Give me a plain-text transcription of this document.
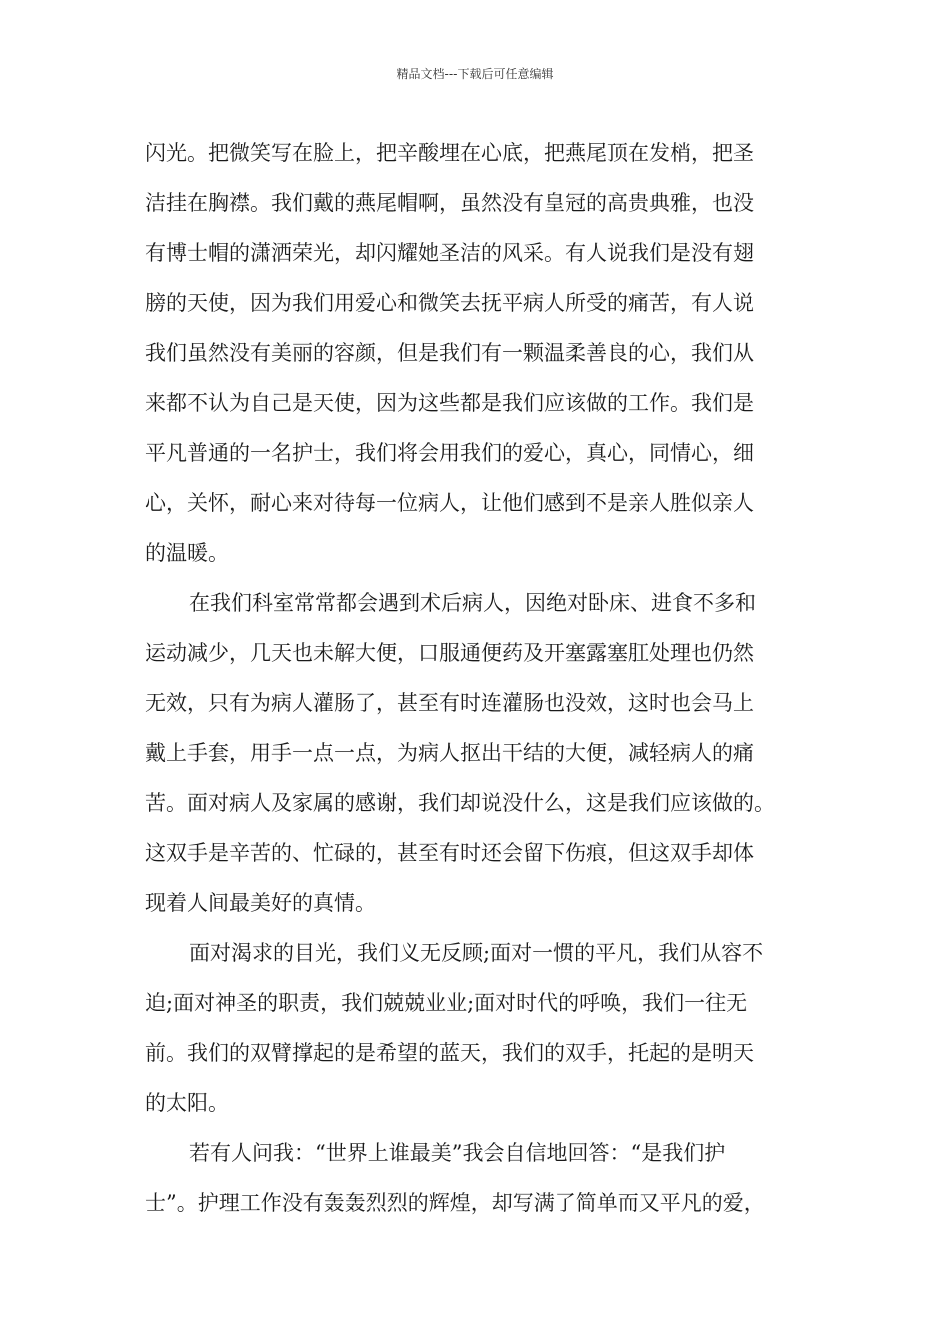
精品文档---下载后可任意编辑
闪光。把微笑写在脸上，把辛酸埋在心底，把燕尾顶在发梢，把圣
洁挂在胸襟。我们戴的燕尾帽啊，虽然没有皇冠的高贵典雅，也没
有博士帽的潇洒荣光，却闪耀她圣洁的风采。有人说我们是没有翅
膀的天使，因为我们用爱心和微笑去抚平病人所受的痛苦，有人说
我们虽然没有美丽的容颜，但是我们有一颗温柔善良的心，我们从
来都不认为自己是天使，因为这些都是我们应该做的工作。我们是
平凡普通的一名护士，我们将会用我们的爱心，真心，同情心，细
心，关怀，耐心来对待每一位病人，让他们感到不是亲人胜似亲人
的温暖。
在我们科室常常都会遇到术后病人，因绝对卧床、进食不多和
运动减少，几天也未解大便，口服通便药及开塞露塞肛处理也仍然
无效，只有为病人灌肠了，甚至有时连灌肠也没效，这时也会马上
戴上手套，用手一点一点，为病人抠出干结的大便，减轻病人的痛
苦。面对病人及家属的感谢，我们却说没什么，这是我们应该做的。
这双手是辛苦的、忙碌的，甚至有时还会留下伤痕，但这双手却体
现着人间最美好的真情。
面对渴求的目光，我们义无反顾;面对一惯的平凡，我们从容不
迫;面对神圣的职责，我们兢兢业业;面对时代的呼唤，我们一往无
前。我们的双臂撑起的是希望的蓝天，我们的双手，托起的是明天
的太阳。
若有人问我：“世界上谁最美”我会自信地回答：“是我们护
士”。护理工作没有轰轰烈烈的辉煌，却写满了简单而又平凡的爱，
